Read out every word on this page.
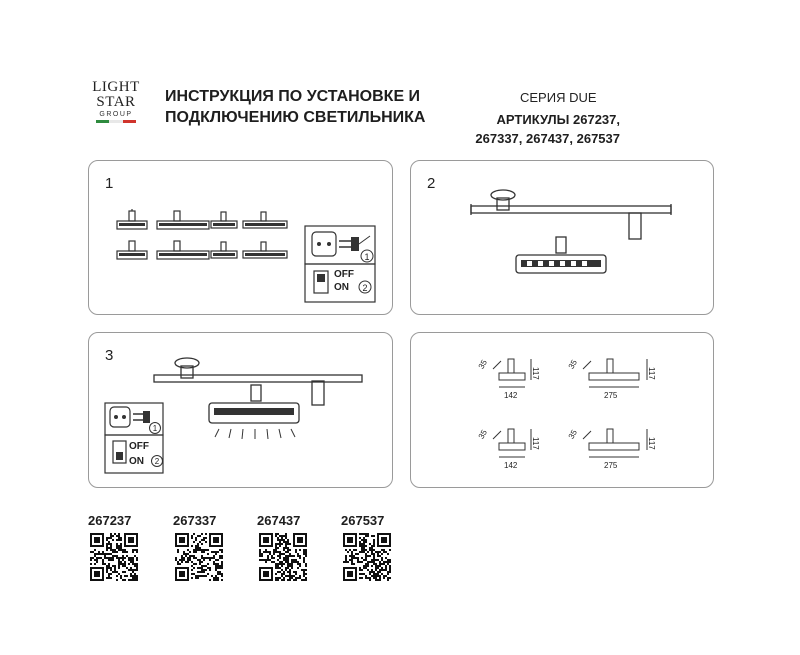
LIGHT
STAR
GROUP
ИНСТРУКЦИЯ ПО УСТАНОВКЕ И
ПОДКЛЮЧЕНИЮ СВЕТИЛЬНИКА
СЕРИЯ DUE
АРТИКУЛЫ 267237,
267337, 267437, 267537
1
1
OFF
ON 2
2
3
1
OFF
ON 2
35
117
142
35
117
275
35
117
142
35
117
275
267237	267337	267437	267537
